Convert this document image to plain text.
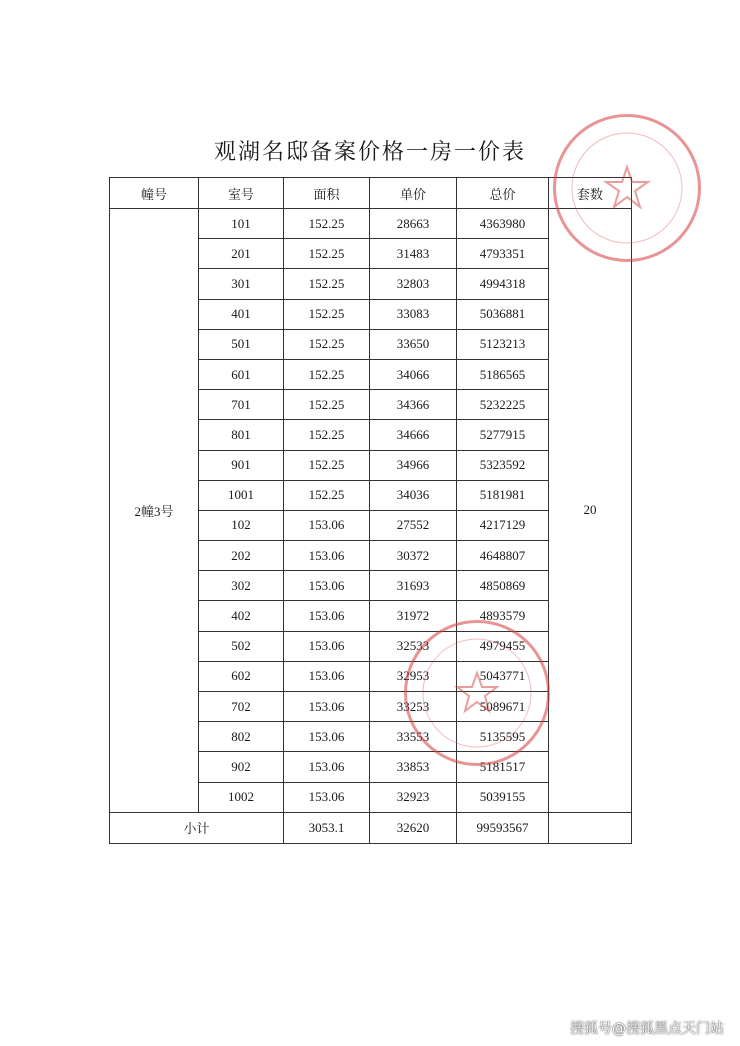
观湖名邸备案价格一房一价表
幢号	室号	面积	单价	总价	套数
2幢3号	101	152.25	28663	4363980	20
	201	152.25	31483	4793351	
	301	152.25	32803	4994318	
	401	152.25	33083	5036881	
	501	152.25	33650	5123213	
	601	152.25	34066	5186565	
	701	152.25	34366	5232225	
	801	152.25	34666	5277915	
	901	152.25	34966	5323592	
	1001	152.25	34036	5181981	
	102	153.06	27552	4217129	
	202	153.06	30372	4648807	
	302	153.06	31693	4850869	
	402	153.06	31972	4893579	
	502	153.06	32533	4979455	
	602	153.06	32953	5043771	
	702	153.06	33253	5089671	
	802	153.06	33553	5135595	
	902	153.06	33853	5181517	
	1002	153.06	32923	5039155	
小计		3053.1	32620	99593567	
搜狐号@搜狐黑点天门站
